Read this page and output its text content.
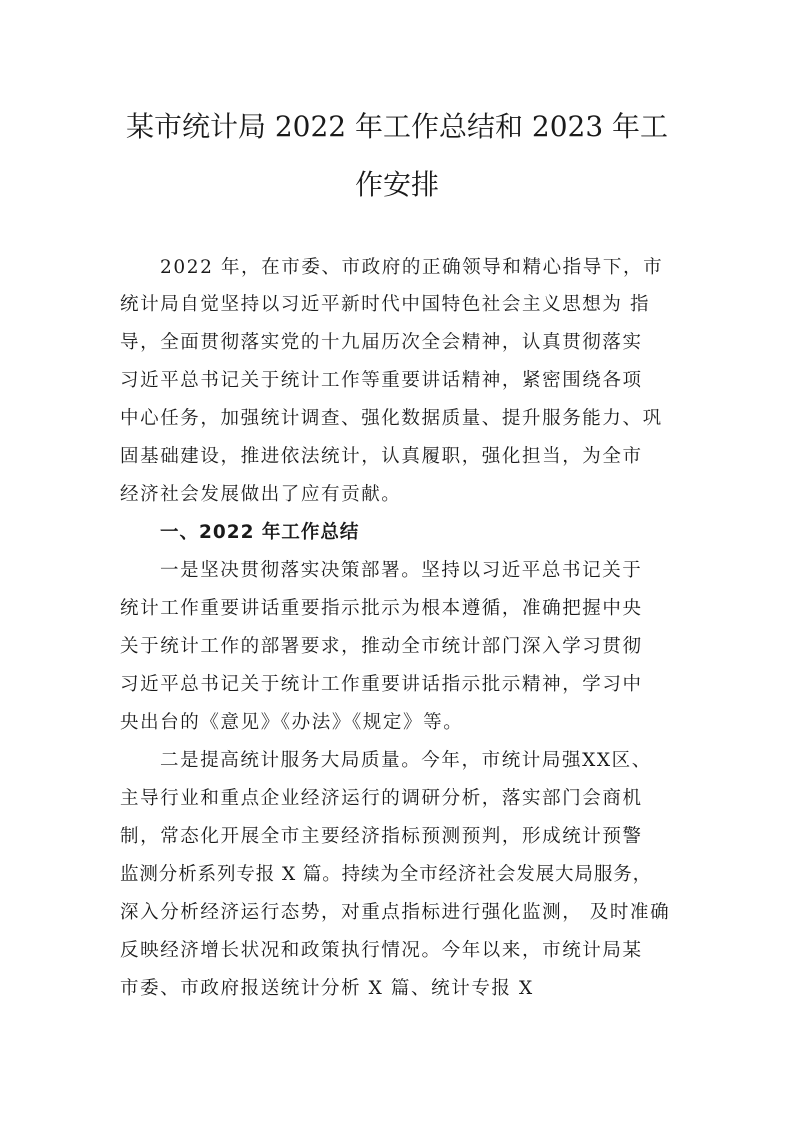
某市统计局 2022 年工作总结和 2023 年工
作安排
2022 年，在市委、市政府的正确领导和精心指导下，市
统计局自觉坚持以习近平新时代中国特色社会主义思想为 指
导，全面贯彻落实党的十九届历次全会精神，认真贯彻落实
习近平总书记关于统计工作等重要讲话精神，紧密围绕各项
中心任务，加强统计调查、强化数据质量、提升服务能力、巩
固基础建设，推进依法统计，认真履职，强化担当，为全市
经济社会发展做出了应有贡献。
一、2022 年工作总结
一是坚决贯彻落实决策部署。坚持以习近平总书记关于
统计工作重要讲话重要指示批示为根本遵循，准确把握中央
关于统计工作的部署要求，推动全市统计部门深入学习贯彻
习近平总书记关于统计工作重要讲话指示批示精神，学习中
央出台的《意见》《办法》《规定》等。
二是提高统计服务大局质量。今年，市统计局强XX区、
主导行业和重点企业经济运行的调研分析，落实部门会商机
制，常态化开展全市主要经济指标预测预判，形成统计预警
监测分析系列专报 X 篇。持续为全市经济社会发展大局服务，
深入分析经济运行态势，对重点指标进行强化监测， 及时准确
反映经济增长状况和政策执行情况。今年以来，市统计局某
市委、市政府报送统计分析 X 篇、统计专报 X
